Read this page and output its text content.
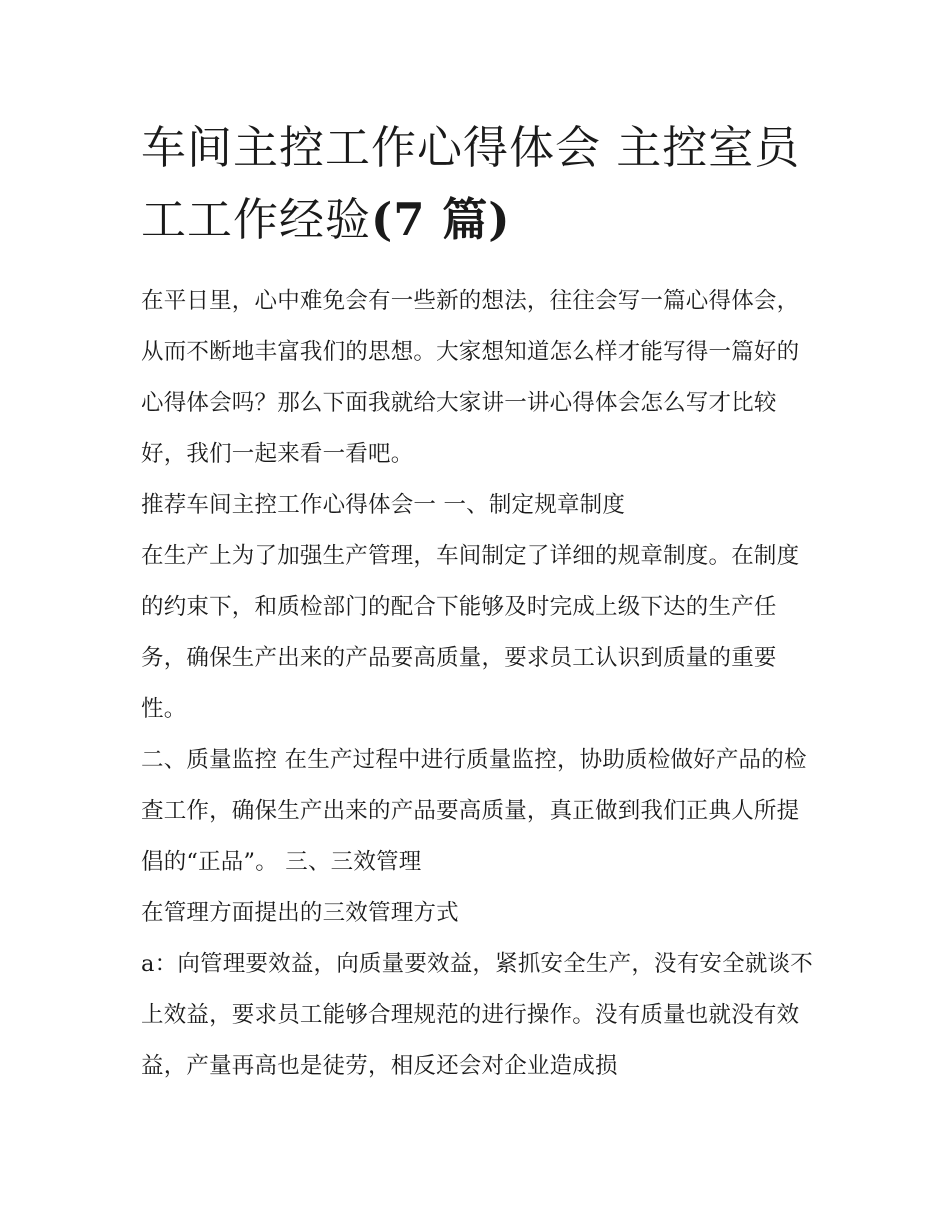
车间主控工作心得体会 主控室员工工作经验(7 篇)

在平日里，心中难免会有一些新的想法，往往会写一篇心得体会，从而不断地丰富我们的思想。大家想知道怎么样才能写得一篇好的心得体会吗？那么下面我就给大家讲一讲心得体会怎么写才比较好，我们一起来看一看吧。

推荐车间主控工作心得体会一 一、制定规章制度

在生产上为了加强生产管理，车间制定了详细的规章制度。在制度的约束下，和质检部门的配合下能够及时完成上级下达的生产任务，确保生产出来的产品要高质量，要求员工认识到质量的重要性。

二、质量监控 在生产过程中进行质量监控，协助质检做好产品的检查工作，确保生产出来的产品要高质量，真正做到我们正典人所提倡的“正品”。 三、三效管理

在管理方面提出的三效管理方式

a：向管理要效益，向质量要效益，紧抓安全生产，没有安全就谈不上效益，要求员工能够合理规范的进行操作。没有质量也就没有效益，产量再高也是徒劳，相反还会对企业造成损
